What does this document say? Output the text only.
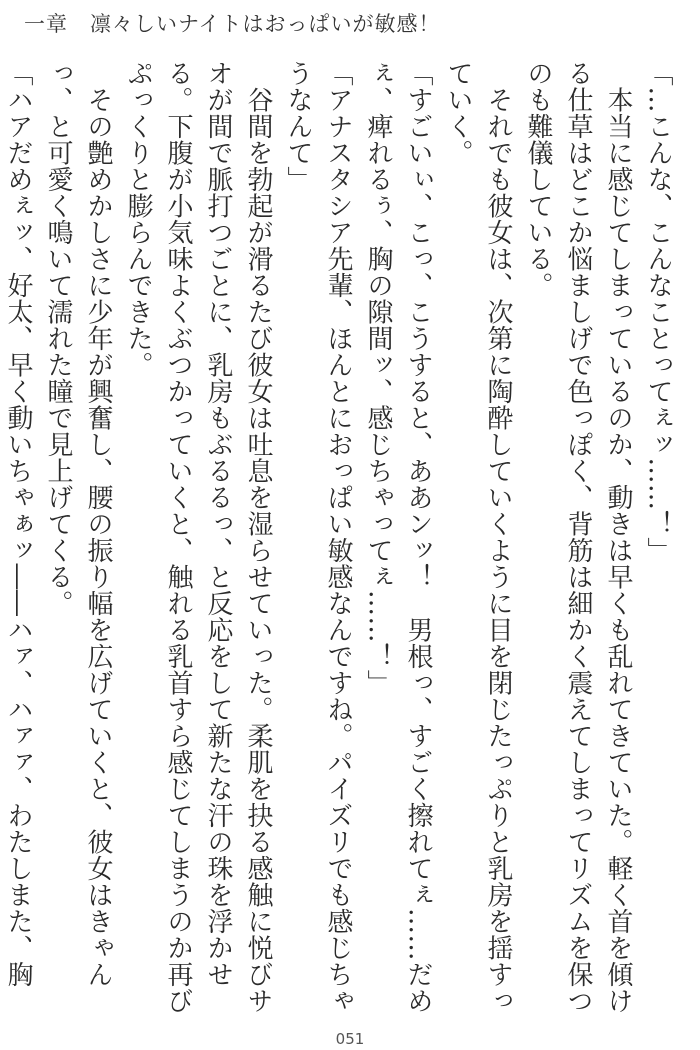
一章　凛々しいナイトはおっぱいが敏感！

「…こんな、こんなことってぇッ……！」

　本当に感じてしまっているのか、動きは早くも乱れてきていた。軽く首を傾ける仕草はどこか悩ましげで色っぽく、背筋は細かく震えてしまってリズムを保つのも難儀している。

　それでも彼女は、次第に陶酔していくように目を閉じたっぷりと乳房を揺すっていく。

「すごいぃ、こっ、こうすると、ああンッ！　男根っ、すごく擦れてぇ……だめぇ、痺れるぅ、胸の隙間ッ、感じちゃってぇ……！」

「アナスタシア先輩、ほんとにおっぱい敏感なんですね。パイズリでも感じちゃうなんて」

　谷間を勃起が滑るたび彼女は吐息を湿らせていった。柔肌を抉る感触に悦びサオが間で脈打つごとに、乳房もぶるるっ、と反応をして新たな汗の珠を浮かせる。下腹が小気味よくぶつかっていくと、触れる乳首すら感じてしまうのか再びぷっくりと膨らんできた。

　その艶めかしさに少年が興奮し、腰の振り幅を広げていくと、彼女はきゃんっ、と可愛く鳴いて濡れた瞳で見上げてくる。

「ハアだめぇッ、好太、早く動いちゃぁッ――ハァ、ハァァ、わたしまた、胸

051
